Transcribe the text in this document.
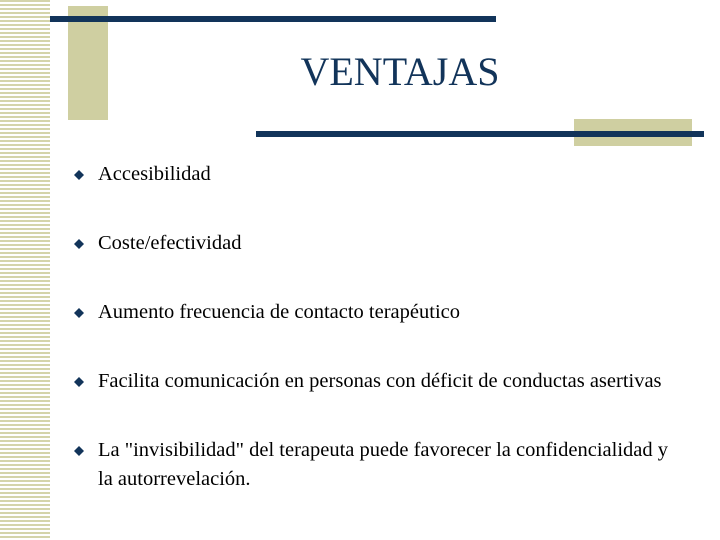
VENTAJAS
Accesibilidad
Coste/efectividad
Aumento frecuencia de contacto terapéutico
Facilita comunicación en personas con déficit de conductas asertivas
La "invisibilidad" del terapeuta puede favorecer la confidencialidad y la autorrevelación.
